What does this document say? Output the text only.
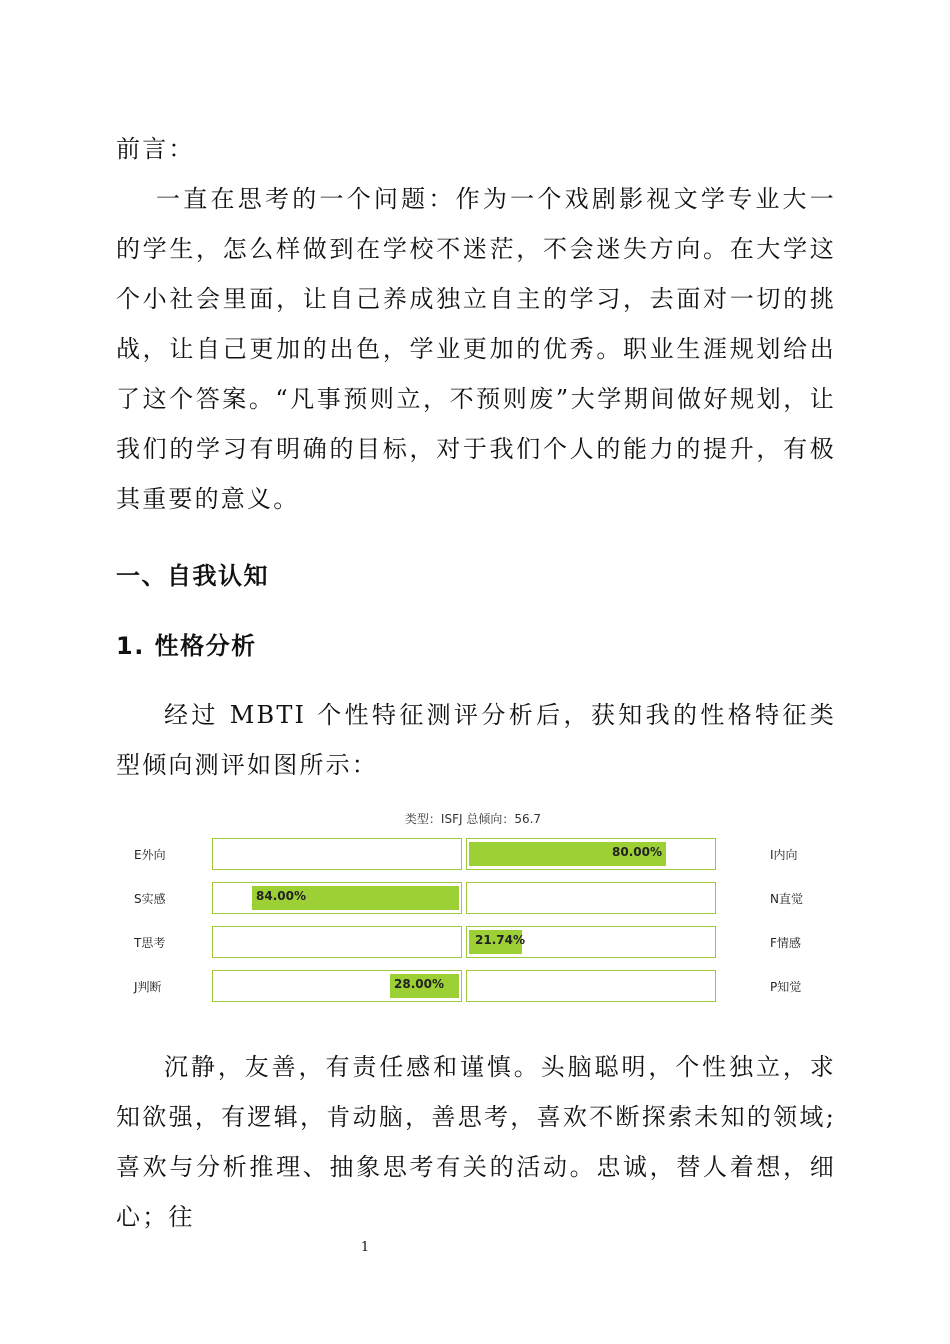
前言：

一直在思考的一个问题：作为一个戏剧影视文学专业大一的学生，怎么样做到在学校不迷茫，不会迷失方向。在大学这个小社会里面，让自己养成独立自主的学习，去面对一切的挑战，让自己更加的出色，学业更加的优秀。职业生涯规划给出了这个答案。“凡事预则立，不预则废”大学期间做好规划，让我们的学习有明确的目标，对于我们个人的能力的提升，有极其重要的意义。

一、自我认知
1. 性格分析

经过 MBTI 个性特征测评分析后，获知我的性格特征类型倾向测评如图所示：

类型：ISFJ 总倾向：56.7
E外向	80.00%	I内向
S实感	84.00%	N直觉
T思考	21.74%	F情感
J判断	28.00%	P知觉

沉静，友善，有责任感和谨慎。头脑聪明，个性独立，求知欲强，有逻辑，肯动脑，善思考，喜欢不断探索未知的领域;喜欢与分析推理、抽象思考有关的活动。忠诚，替人着想，细心；往

1
